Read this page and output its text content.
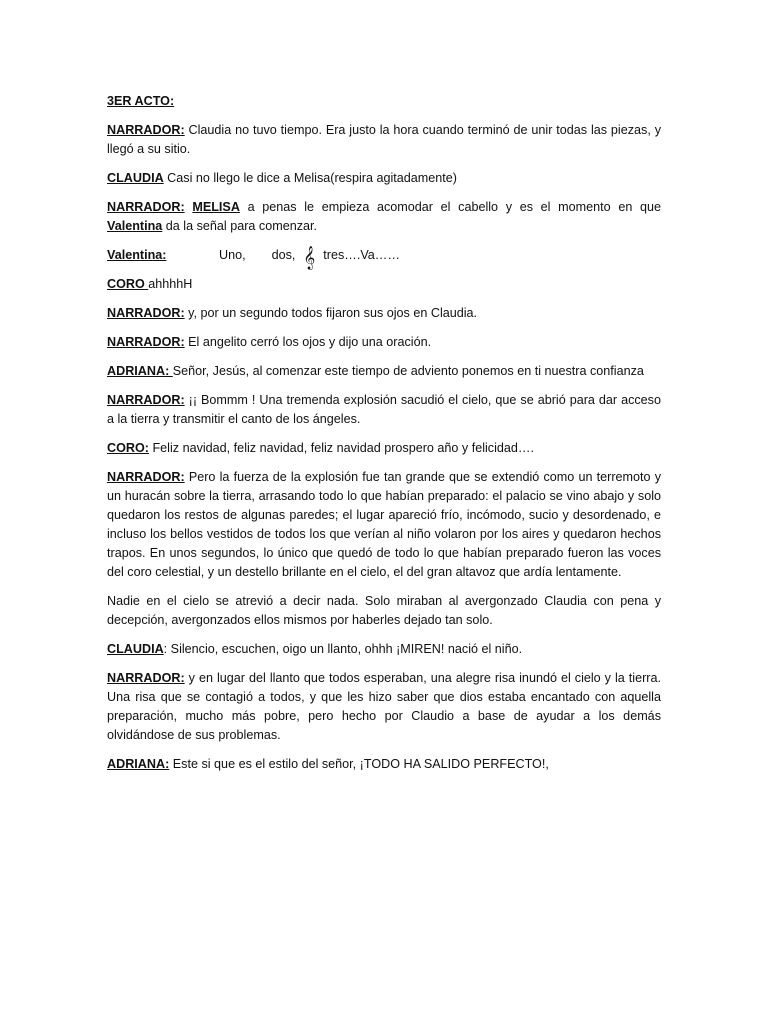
3ER ACTO:

NARRADOR: Claudia no tuvo tiempo. Era justo la hora cuando terminó de unir todas las piezas, y llegó a su sitio.

CLAUDIA Casi no llego le dice a Melisa(respira agitadamente)

NARRADOR: MELISA a penas le empieza acomodar el cabello y es el momento en que Valentina da la señal para comenzar.

Valentina:	Uno, dos, 𝄞 tres….Va……

CORO ahhhhH

NARRADOR: y, por un segundo todos fijaron sus ojos en Claudia.

NARRADOR: El angelito cerró los ojos y dijo una oración.

ADRIANA: Señor, Jesús, al comenzar este tiempo de adviento ponemos en ti nuestra confianza

NARRADOR: ¡¡ Bommm ! Una tremenda explosión sacudió el cielo, que se abrió para dar acceso a la tierra y transmitir el canto de los ángeles.

CORO: Feliz navidad, feliz navidad, feliz navidad prospero año y felicidad….

NARRADOR: Pero la fuerza de la explosión fue tan grande que se extendió como un terremoto y un huracán sobre la tierra, arrasando todo lo que habían preparado: el palacio se vino abajo y solo quedaron los restos de algunas paredes; el lugar apareció frío, incómodo, sucio y desordenado, e incluso los bellos vestidos de todos los que verían al niño volaron por los aires y quedaron hechos trapos. En unos segundos, lo único que quedó de todo lo que habían preparado fueron las voces del coro celestial, y un destello brillante en el cielo, el del gran altavoz que ardía lentamente.

Nadie en el cielo se atrevió a decir nada. Solo miraban al avergonzado Claudia con pena y decepción, avergonzados ellos mismos por haberles dejado tan solo.

CLAUDIA: Silencio, escuchen, oigo un llanto, ohhh ¡MIREN! nació el niño.

NARRADOR: y en lugar del llanto que todos esperaban, una alegre risa inundó el cielo y la tierra. Una risa que se contagió a todos, y que les hizo saber que dios estaba encantado con aquella preparación, mucho más pobre, pero hecho por Claudio a base de ayudar a los demás olvidándose de sus problemas.

ADRIANA: Este si que es el estilo del señor, ¡TODO HA SALIDO PERFECTO!,
